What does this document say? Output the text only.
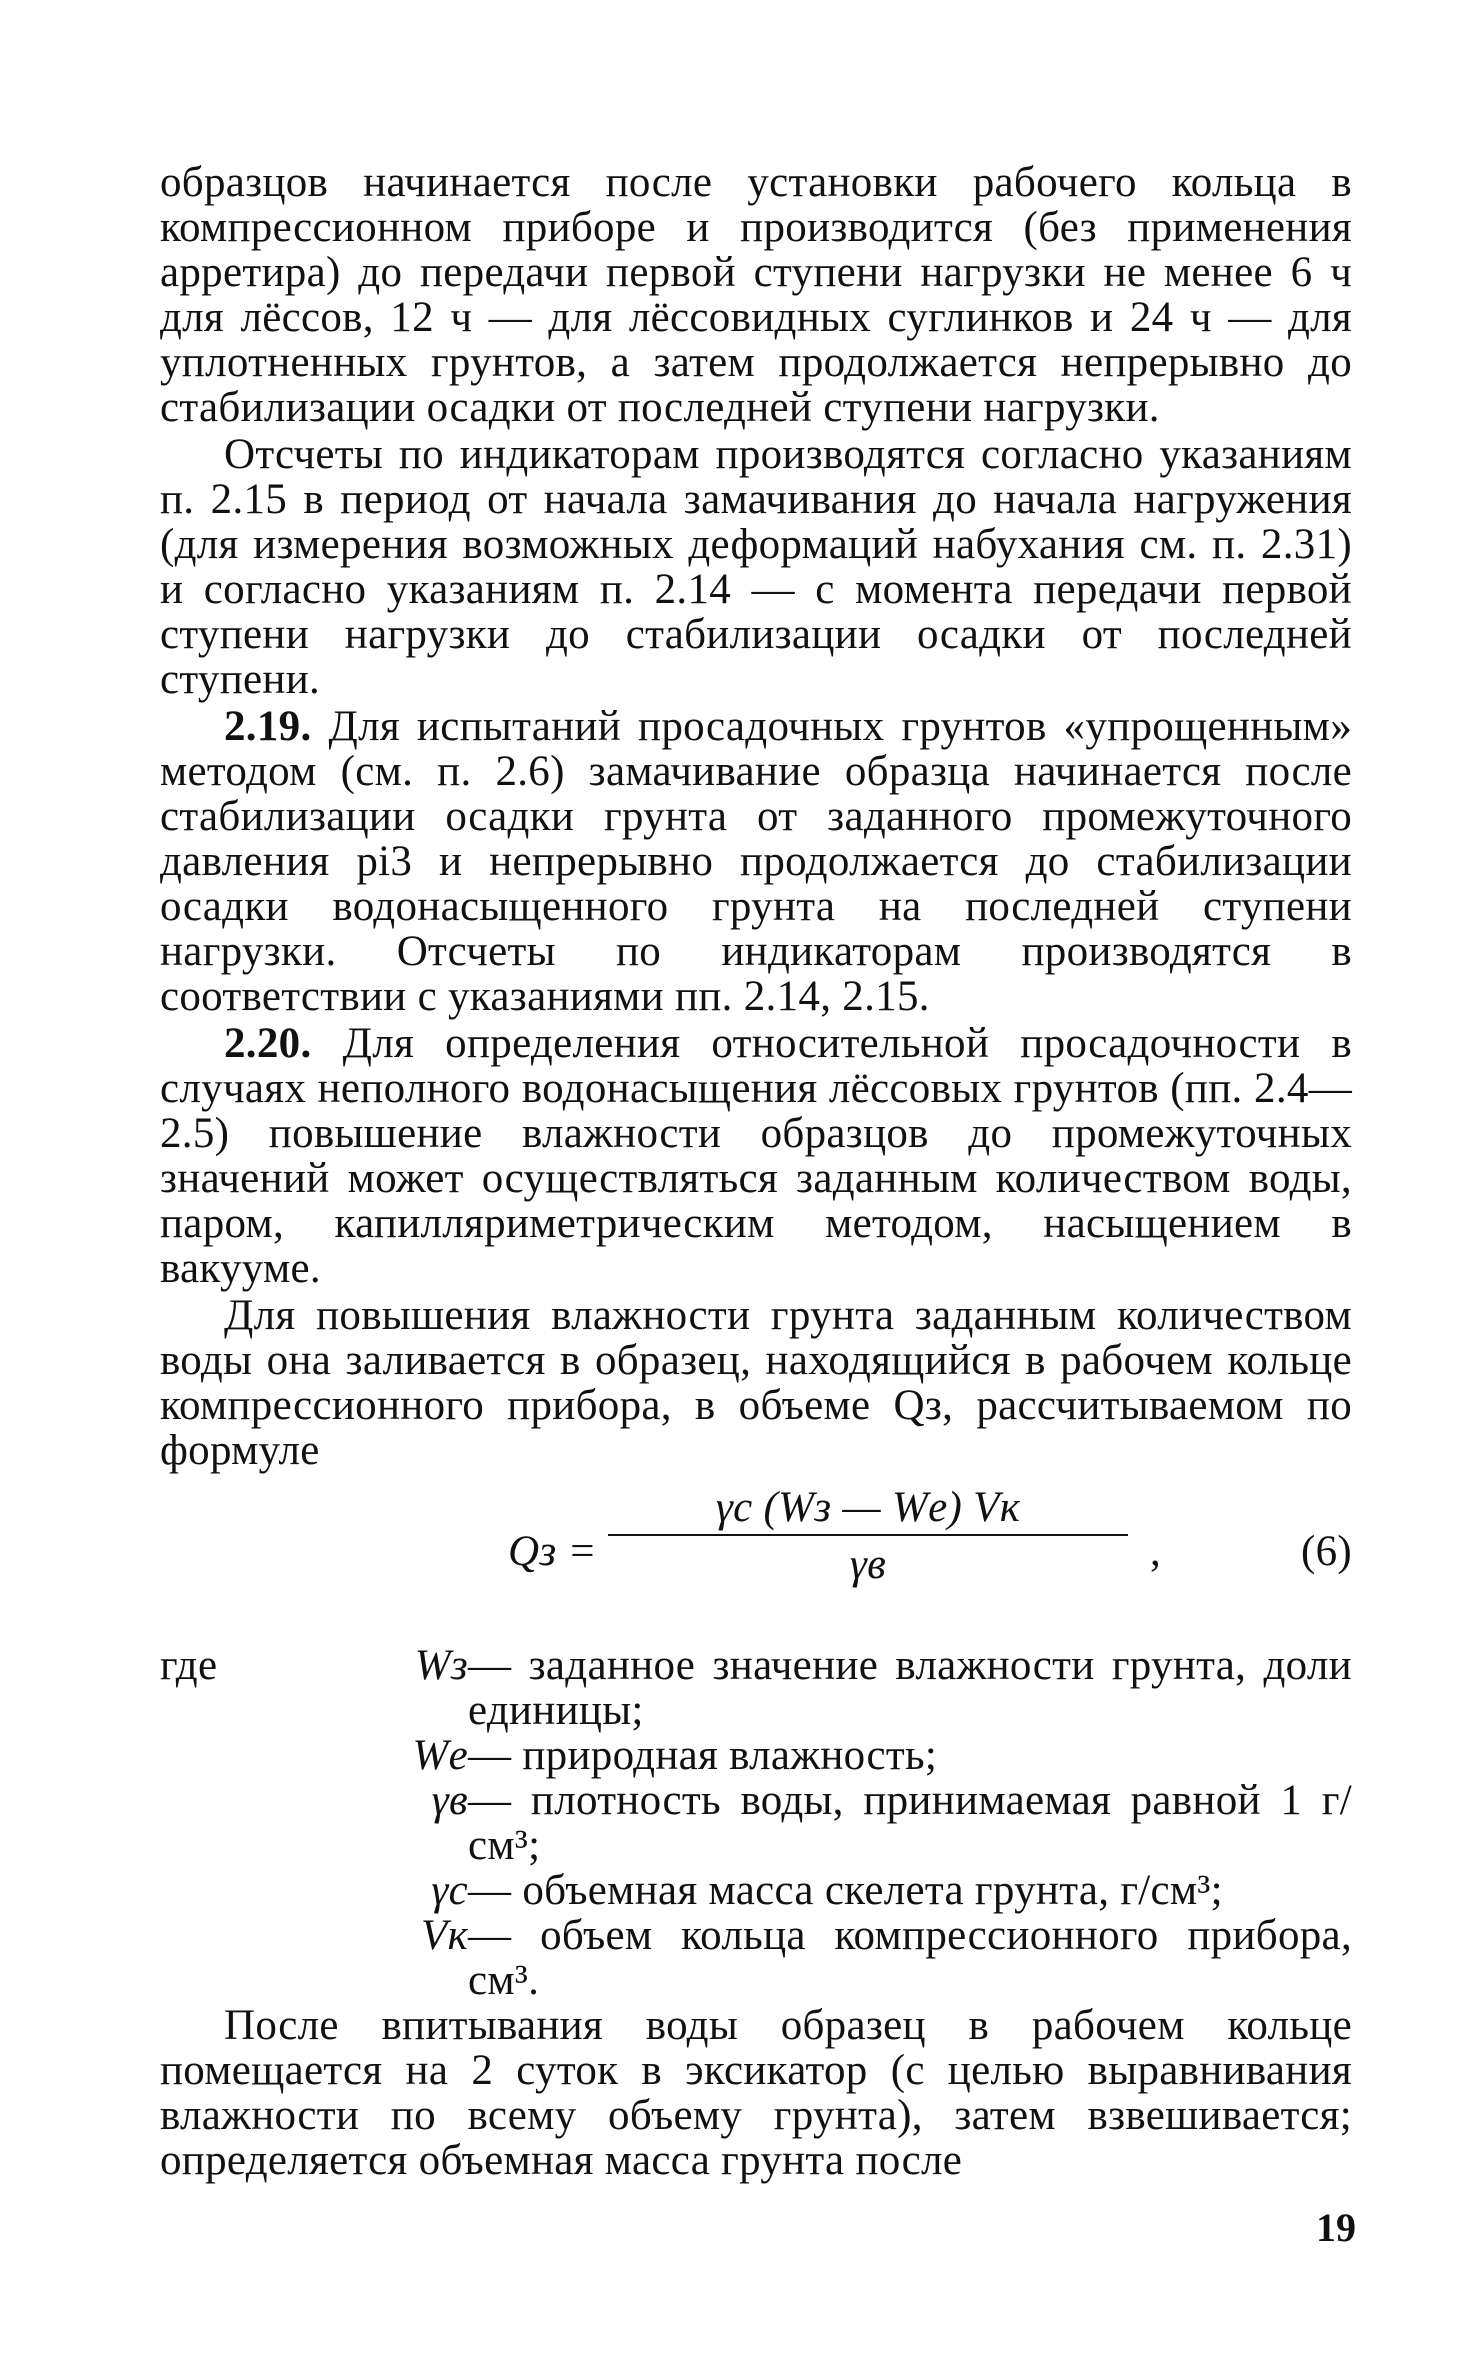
образцов начинается после установки рабочего кольца в компрессионном приборе и производится (без применения арретира) до передачи первой ступени нагрузки не менее 6 ч для лёссов, 12 ч — для лёссовидных суглинков и 24 ч — для уплотненных грунтов, а затем продолжается непрерывно до стабилизации осадки от последней ступени нагрузки.

Отсчеты по индикаторам производятся согласно указаниям п. 2.15 в период от начала замачивания до начала нагружения (для измерения возможных деформаций набухания см. п. 2.31) и согласно указаниям п. 2.14 — с момента передачи первой ступени нагрузки до стабилизации осадки от последней ступени.

2.19. Для испытаний просадочных грунтов «упрощенным» методом (см. п. 2.6) замачивание образца начинается после стабилизации осадки грунта от заданного промежуточного давления pi3 и непрерывно продолжается до стабилизации осадки водонасыщенного грунта на последней ступени нагрузки. Отсчеты по индикаторам производятся в соответствии с указаниями пп. 2.14, 2.15.

2.20. Для определения относительной просадочности в случаях неполного водонасыщения лёссовых грунтов (пп. 2.4—2.5) повышение влажности образцов до промежуточных значений может осуществляться заданным количеством воды, паром, капилляриметрическим методом, насыщением в вакууме.

Для повышения влажности грунта заданным количеством воды она заливается в образец, находящийся в рабочем кольце компрессионного прибора, в объеме Qз, рассчитываемом по формуле

Qз =
γс (Wз — Wе) Vк
γв	,	(6)
где	Wз — заданное значение влажности грунта, доли единицы;
Wе — природная влажность;
γв — плотность воды, принимаемая равной 1 г/см³;
γс — объемная масса скелета грунта, г/см³;
Vк — объем кольца компрессионного прибора, см³.

После впитывания воды образец в рабочем кольце помещается на 2 суток в эксикатор (с целью выравнивания влажности по всему объему грунта), затем взвешивается; определяется объемная масса грунта после

19
